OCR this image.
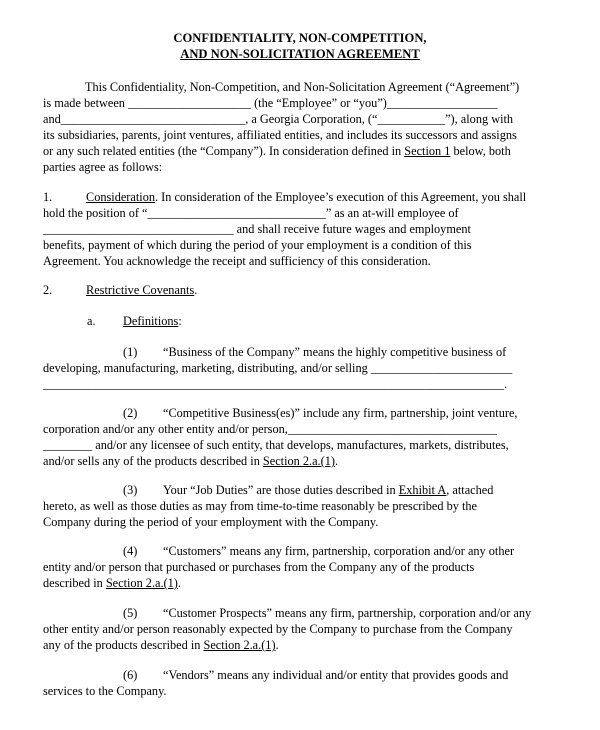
CONFIDENTIALITY, NON-COMPETITION,
AND NON-SOLICITATION AGREEMENT
This Confidentiality, Non-Competition, and Non-Solicitation Agreement (“Agreement”)
is made between ____________________ (the “Employee” or “you”)__________________
and______________________________, a Georgia Corporation, (“___________”), along with
its subsidiaries, parents, joint ventures, affiliated entities, and includes its successors and assigns
or any such related entities (the “Company”). In consideration defined in Section 1 below, both
parties agree as follows:
1.	Consideration. In consideration of the Employee’s execution of this Agreement, you shall
hold the position of “_____________________________” as an at-will employee of
_______________________________ and shall receive future wages and employment
benefits, payment of which during the period of your employment is a condition of this
Agreement. You acknowledge the receipt and sufficiency of this consideration.
2.	Restrictive Covenants.
a. Definitions:
(1) “Business of the Company” means the highly competitive business of
developing, manufacturing, marketing, distributing, and/or selling _______________________
___________________________________________________________________________.
(2) “Competitive Business(es)” include any firm, partnership, joint venture,
corporation and/or any other entity and/or person,__________________________________
________ and/or any licensee of such entity, that develops, manufactures, markets, distributes,
and/or sells any of the products described in Section 2.a.(1).
(3) Your “Job Duties” are those duties described in Exhibit A, attached
hereto, as well as those duties as may from time-to-time reasonably be prescribed by the
Company during the period of your employment with the Company.
(4) “Customers” means any firm, partnership, corporation and/or any other
entity and/or person that purchased or purchases from the Company any of the products
described in Section 2.a.(1).
(5) “Customer Prospects” means any firm, partnership, corporation and/or any
other entity and/or person reasonably expected by the Company to purchase from the Company
any of the products described in Section 2.a.(1).
(6) “Vendors” means any individual and/or entity that provides goods and
services to the Company.
